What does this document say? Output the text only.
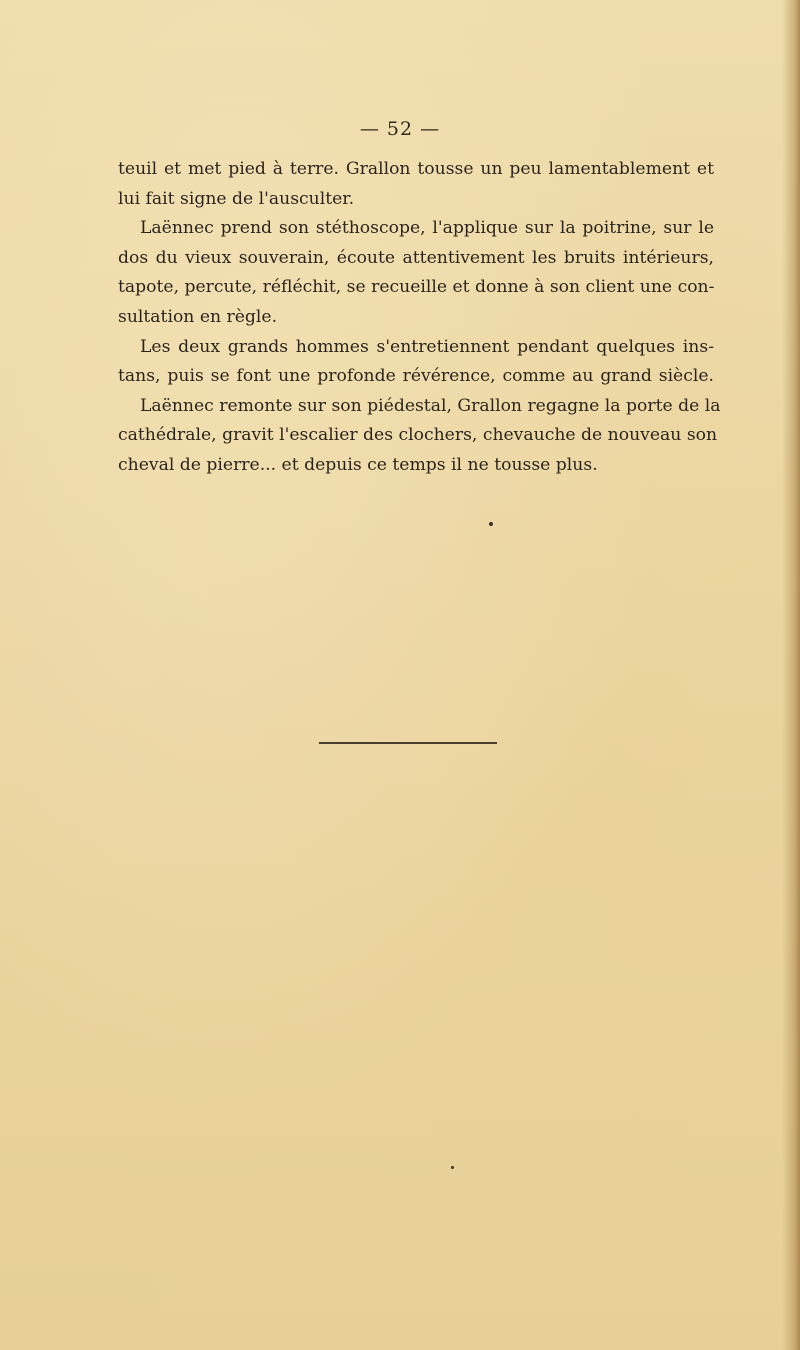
— 52 —
teuil et met pied à terre. Grallon tousse un peu lamentablement et
lui fait signe de l'ausculter.
Laënnec prend son stéthoscope, l'applique sur la poitrine, sur le
dos du vieux souverain, écoute attentivement les bruits intérieurs,
tapote, percute, réfléchit, se recueille et donne à son client une con-
sultation en règle.
Les deux grands hommes s'entretiennent pendant quelques ins-
tans, puis se font une profonde révérence, comme au grand siècle.
Laënnec remonte sur son piédestal, Grallon regagne la porte de la
cathédrale, gravit l'escalier des clochers, chevauche de nouveau son
cheval de pierre... et depuis ce temps il ne tousse plus.
